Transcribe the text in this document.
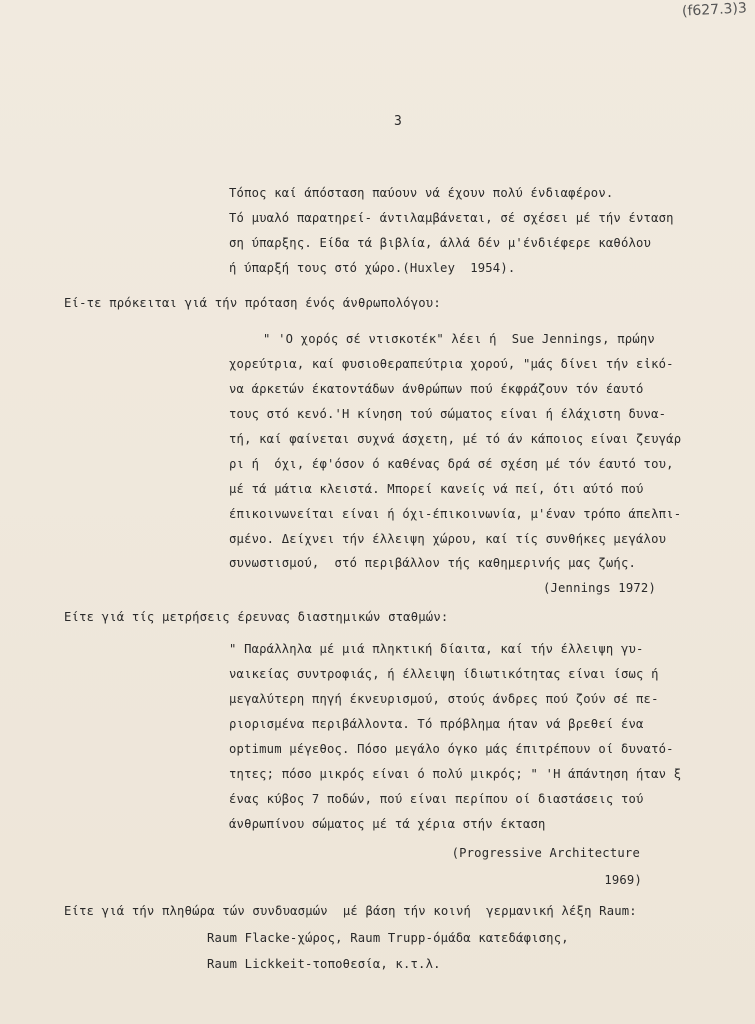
(f627.3)3
3
Τόπος καί άπόσταση παύουν νά έχουν πολύ ένδιαφέρον.
Τό μυαλό παρατηρεί- άντιλαμβάνεται, σέ σχέσει μέ τήν ένταση
ση ύπαρξης. Είδα τά βιβλία, άλλά δέν μ'ένδιέφερε καθόλου
ή ύπαρξή τους στό χώρο.(Huxley  1954).
Εί-τε πρόκειται γιά τήν πρόταση ένός άνθρωπολόγου:
" 'Ο χορός σέ ντισκοτέκ" λέει ή  Sue Jennings, πρώην
χορεύτρια, καί φυσιοθεραπεύτρια χορού, "μάς δίνει τήν εἰκό-
να άρκετών έκατοντάδων άνθρώπων πού έκφράζουν τόν έαυτό
τους στό κενό.'Η κίνηση τού σώματος είναι ή έλάχιστη δυνα-
τή, καί φαίνεται συχνά άσχετη, μέ τό άν κάποιος είναι ζευγάρ
ρι ή  όχι, έφ'όσον ό καθένας δρά σέ σχέση μέ τόν έαυτό του,
μέ τά μάτια κλειστά. Μπορεί κανείς νά πεί, ότι αύτό πού
έπικοινωνείται είναι ή όχι-έπικοινωνία, μ'έναν τρόπο άπελπι-
σμένο. Δείχνει τήν έλλειψη χώρου, καί τίς συνθήκες μεγάλου
συνωστισμού,  στό περιβάλλον τής καθημερινής μας ζωής.
(Jennings 1972)
Είτε γιά τίς μετρήσεις έρευνας διαστημικών σταθμών:
" Παράλληλα μέ μιά πληκτική δίαιτα, καί τήν έλλειψη γυ-
ναικείας συντροφιάς, ή έλλειψη ίδιωτικότητας είναι ίσως ή
μεγαλύτερη πηγή έκνευρισμού, στούς άνδρες πού ζούν σέ πε-
ριορισμένα περιβάλλοντα. Τό πρόβλημα ήταν νά βρεθεί ένα
optimum μέγεθος. Πόσο μεγάλο όγκο μάς έπιτρέπουν οί δυνατό-
τητες; πόσο μικρός είναι ό πολύ μικρός; " 'Η άπάντηση ήταν ξ
ένας κύβος 7 ποδών, πού είναι περίπου οί διαστάσεις τού
άνθρωπίνου σώματος μέ τά χέρια στήν έκταση
(Progressive Architecture
1969)
Είτε γιά τήν πληθώρα τών συνδυασμών  μέ βάση τήν κοινή  γερμανική λέξη Raum:
Raum Flacke-χώρος, Raum Trupp-όμάδα κατεδάφισης,
Raum Lickkeit-τοποθεσία, κ.τ.λ.
